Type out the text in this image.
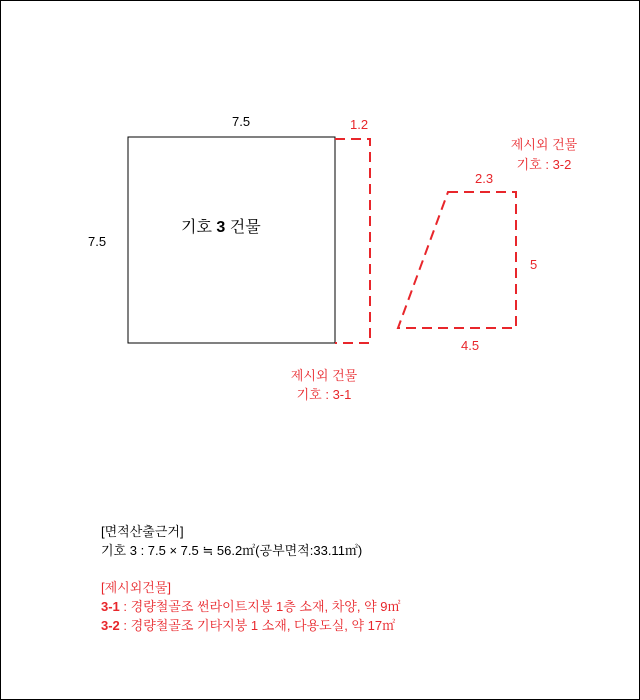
7.5
7.5
기호 3 건물
1.2
제시외 건물
기호 : 3-1
제시외 건물
기호 : 3-2
2.3
5
4.5
[면적산출근거]
기호 3 : 7.5 × 7.5 ≒ 56.2㎡(공부면적:33.11㎡)
[제시외건물]
3-1 : 경량철골조 썬라이트지붕 1층 소재, 차양, 약 9㎡
3-2 : 경량철골조 기타지붕 1 소재, 다용도실, 약 17㎡
